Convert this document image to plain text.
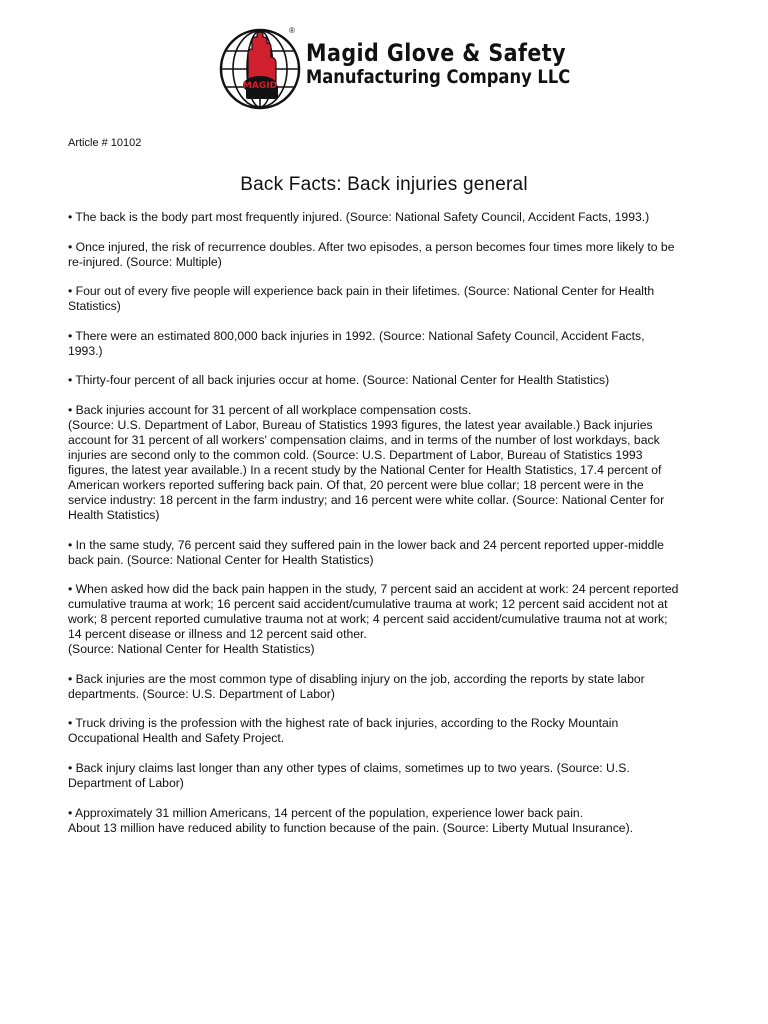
MAGID
®
Magid Glove & Safety
Manufacturing Company LLC
Article # 10102
Back Facts: Back injuries general
• The back is the body part most frequently injured. (Source: National Safety Council, Accident Facts, 1993.)
• Once injured, the risk of recurrence doubles. After two episodes, a person becomes four times more likely to be
re-injured. (Source: Multiple)
• Four out of every five people will experience back pain in their lifetimes. (Source: National Center for Health
Statistics)
• There were an estimated 800,000 back injuries in 1992. (Source: National Safety Council, Accident Facts,
1993.)
• Thirty-four percent of all back injuries occur at home. (Source: National Center for Health Statistics)
• Back injuries account for 31 percent of all workplace compensation costs.
(Source: U.S. Department of Labor, Bureau of Statistics 1993 figures, the latest year available.) Back injuries
account for 31 percent of all workers' compensation claims, and in terms of the number of lost workdays, back
injuries are second only to the common cold. (Source: U.S. Department of Labor, Bureau of Statistics 1993
figures, the latest year available.) In a recent study by the National Center for Health Statistics, 17.4 percent of
American workers reported suffering back pain. Of that, 20 percent were blue collar; 18 percent were in the
service industry: 18 percent in the farm industry; and 16 percent were white collar. (Source: National Center for
Health Statistics)
• In the same study, 76 percent said they suffered pain in the lower back and 24 percent reported upper-middle
back pain. (Source: National Center for Health Statistics)
• When asked how did the back pain happen in the study, 7 percent said an accident at work: 24 percent reported
cumulative trauma at work; 16 percent said accident/cumulative trauma at work; 12 percent said accident not at
work; 8 percent reported cumulative trauma not at work; 4 percent said accident/cumulative trauma not at work;
14 percent disease or illness and 12 percent said other.
(Source: National Center for Health Statistics)
• Back injuries are the most common type of disabling injury on the job, according the reports by state labor
departments. (Source: U.S. Department of Labor)
• Truck driving is the profession with the highest rate of back injuries, according to the Rocky Mountain
Occupational Health and Safety Project.
• Back injury claims last longer than any other types of claims, sometimes up to two years. (Source: U.S.
Department of Labor)
• Approximately 31 million Americans, 14 percent of the population, experience lower back pain.
About 13 million have reduced ability to function because of the pain. (Source: Liberty Mutual Insurance).
